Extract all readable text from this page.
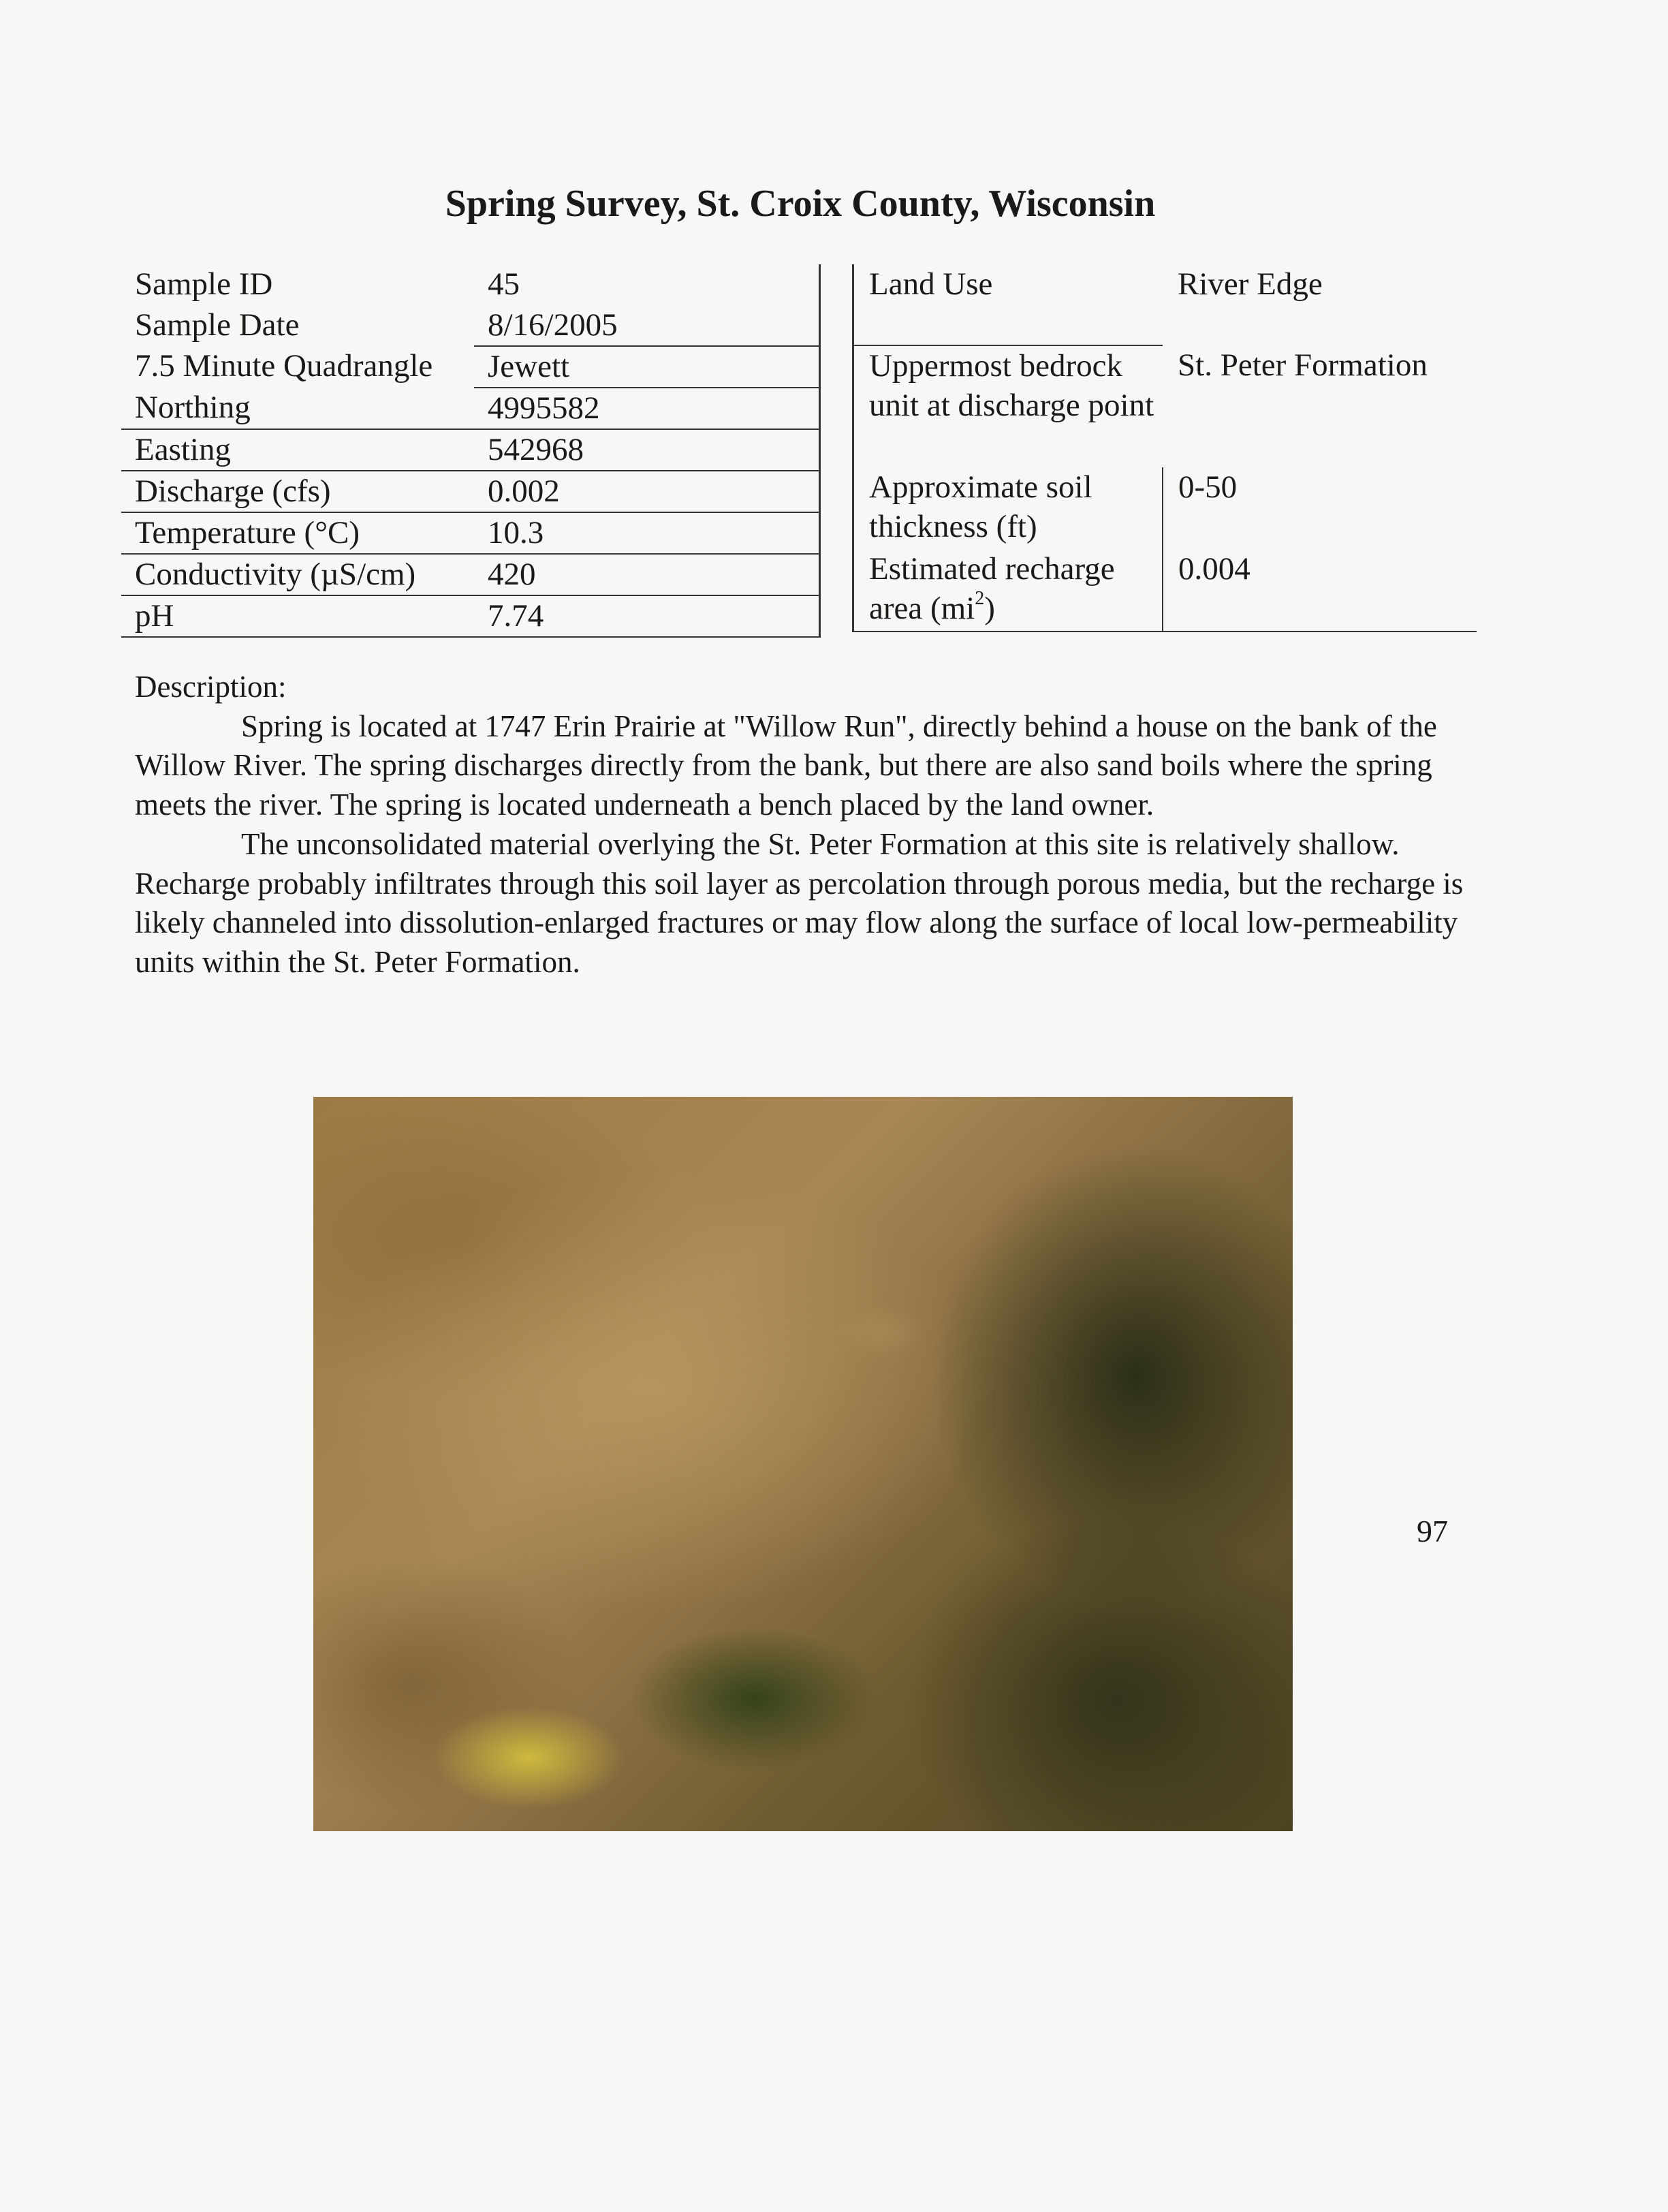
Spring Survey, St. Croix County, Wisconsin
Sample ID	45
Sample Date	8/16/2005
7.5 Minute Quadrangle	Jewett
Northing	4995582
Easting	542968
Discharge (cfs)	0.002
Temperature (°C)	10.3
Conductivity (µS/cm)	420
pH	7.74
Land Use	River Edge
Uppermost bedrock unit at discharge point	St. Peter Formation
Approximate soil thickness (ft)	0-50
Estimated recharge area $(mi^2)$	0.004
Description:

Spring is located at 1747 Erin Prairie at "Willow Run", directly behind a house on the bank of the Willow River. The spring discharges directly from the bank, but there are also sand boils where the spring meets the river. The spring is located underneath a bench placed by the land owner.

The unconsolidated material overlying the St. Peter Formation at this site is relatively shallow. Recharge probably infiltrates through this soil layer as percolation through porous media, but the recharge is likely channeled into dissolution-enlarged fractures or may flow along the surface of local low-permeability units within the St. Peter Formation.

97
